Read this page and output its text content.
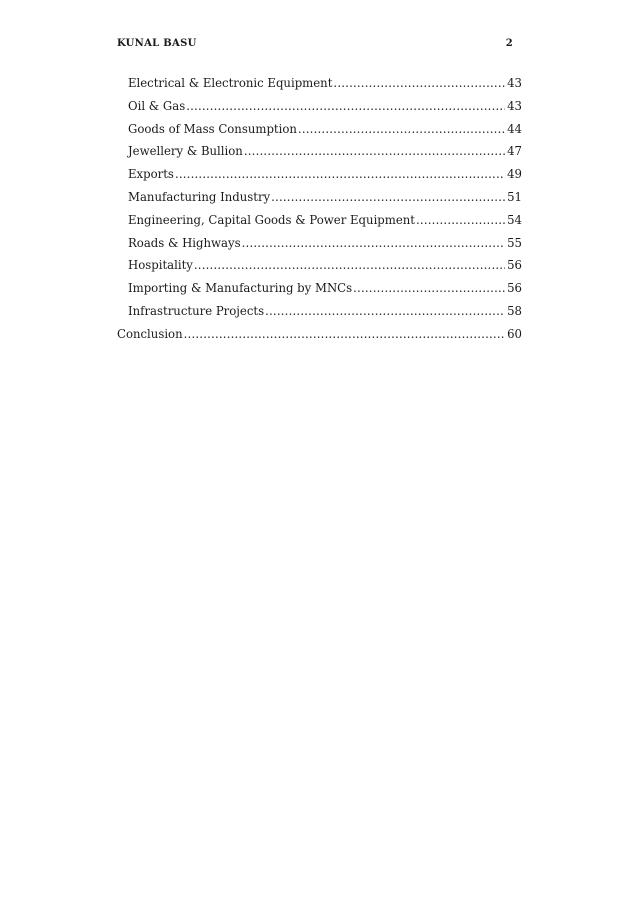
KUNAL BASU	2
Electrical & Electronic Equipment .....	43
Oil & Gas .....	43
Goods of Mass Consumption .....	44
Jewellery & Bullion .....	47
Exports .....	49
Manufacturing Industry .....	51
Engineering, Capital Goods & Power Equipment .....	54
Roads & Highways .....	55
Hospitality .....	56
Importing & Manufacturing by MNCs .....	56
Infrastructure Projects .....	58
Conclusion .....	60
